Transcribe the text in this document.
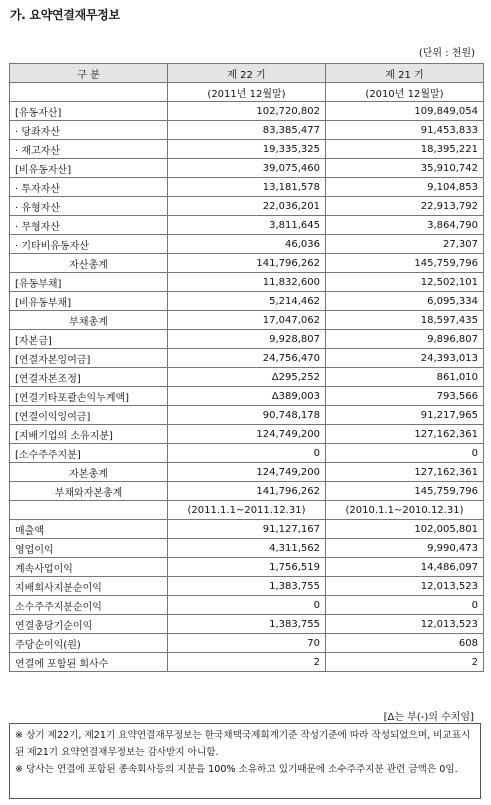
가. 요약연결재무정보
(단위 : 천원)
구 분	제 22 기	제 21 기
	(2011년 12월말)	(2010년 12월말)
[유동자산]	102,720,802	109,849,054
· 당좌자산	83,385,477	91,453,833
· 재고자산	19,335,325	18,395,221
[비유동자산]	39,075,460	35,910,742
· 투자자산	13,181,578	9,104,853
· 유형자산	22,036,201	22,913,792
· 무형자산	3,811,645	3,864,790
· 기타비유동자산	46,036	27,307
자산총계	141,796,262	145,759,796
[유동부채]	11,832,600	12,502,101
[비유동부채]	5,214,462	6,095,334
부채총계	17,047,062	18,597,435
[자본금]	9,928,807	9,896,807
[연결자본잉여금]	24,756,470	24,393,013
[연결자본조정]	Δ295,252	861,010
[연결기타포괄손익누계액]	Δ389,003	793,566
[연결이익잉여금]	90,748,178	91,217,965
[지배기업의 소유지분]	124,749,200	127,162,361
[소수주주지분]	0	0
자본총계	124,749,200	127,162,361
부채와자본총계	141,796,262	145,759,796
	(2011.1.1~2011.12.31)	(2010.1.1~2010.12.31)
매출액	91,127,167	102,005,801
영업이익	4,311,562	9,990,473
계속사업이익	1,756,519	14,486,097
지배회사지분순이익	1,383,755	12,013,523
소수주주지분순이익	0	0
연결총당기순이익	1,383,755	12,013,523
주당순이익(원)	70	608
연결에 포함된 회사수	2	2
[Δ는 부(-)의 수치임]

※ 상기 제22기, 제21기 요약연결재무정보는 한국채택국제회계기준 작성기준에 따라 작성되었으며, 비교표시된 제21기 요약연결재무정보는 감사받지 아니함.

※ 당사는 연결에 포함된 종속회사등의 지분을 100% 소유하고 있기때문에 소수주주지분 관련 금액은 0임.
